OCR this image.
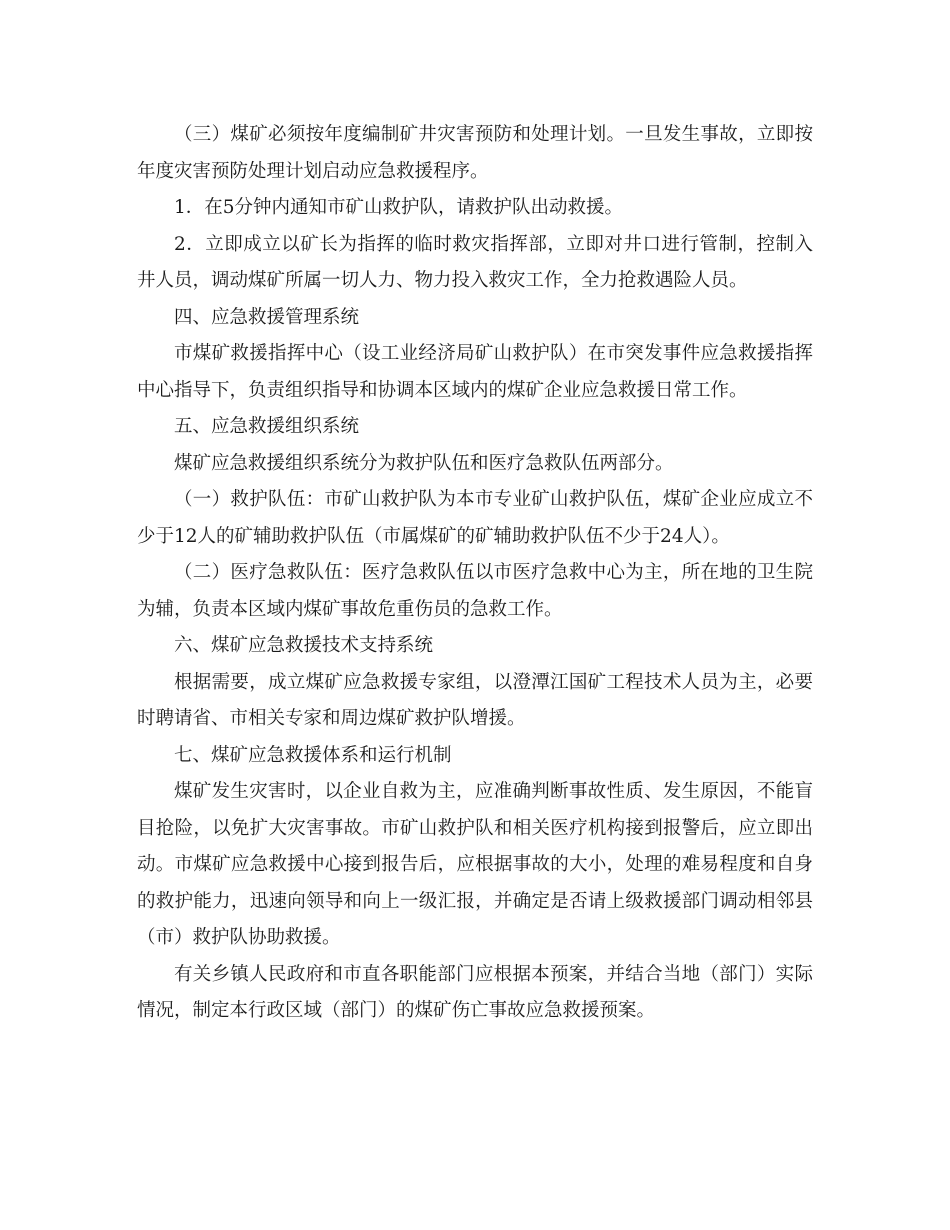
（三）煤矿必须按年度编制矿井灾害预防和处理计划。一旦发生事故，立即按年度灾害预防处理计划启动应急救援程序。

1．在5分钟内通知市矿山救护队，请救护队出动救援。

2．立即成立以矿长为指挥的临时救灾指挥部，立即对井口进行管制，控制入井人员，调动煤矿所属一切人力、物力投入救灾工作，全力抢救遇险人员。

四、应急救援管理系统

市煤矿救援指挥中心（设工业经济局矿山救护队）在市突发事件应急救援指挥中心指导下，负责组织指导和协调本区域内的煤矿企业应急救援日常工作。

五、应急救援组织系统

煤矿应急救援组织系统分为救护队伍和医疗急救队伍两部分。

（一）救护队伍：市矿山救护队为本市专业矿山救护队伍，煤矿企业应成立不少于12人的矿辅助救护队伍（市属煤矿的矿辅助救护队伍不少于24人）。

（二）医疗急救队伍：医疗急救队伍以市医疗急救中心为主，所在地的卫生院为辅，负责本区域内煤矿事故危重伤员的急救工作。

六、煤矿应急救援技术支持系统

根据需要，成立煤矿应急救援专家组，以澄潭江国矿工程技术人员为主，必要时聘请省、市相关专家和周边煤矿救护队增援。

七、煤矿应急救援体系和运行机制

煤矿发生灾害时，以企业自救为主，应准确判断事故性质、发生原因，不能盲目抢险，以免扩大灾害事故。市矿山救护队和相关医疗机构接到报警后，应立即出动。市煤矿应急救援中心接到报告后，应根据事故的大小，处理的难易程度和自身的救护能力，迅速向领导和向上一级汇报，并确定是否请上级救援部门调动相邻县（市）救护队协助救援。

有关乡镇人民政府和市直各职能部门应根据本预案，并结合当地（部门）实际情况，制定本行政区域（部门）的煤矿伤亡事故应急救援预案。
